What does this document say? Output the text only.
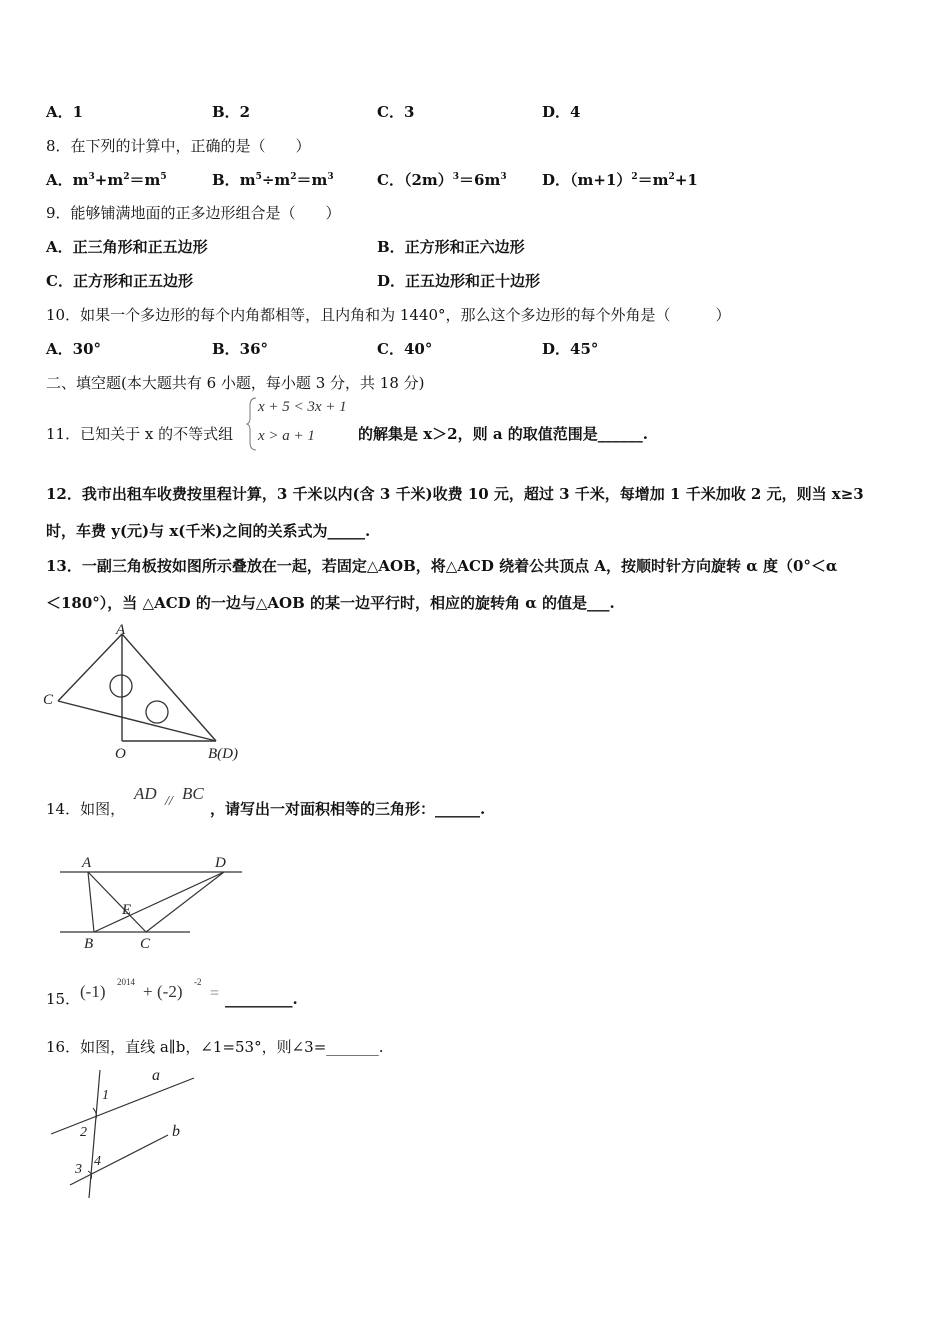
A．1	B．2	C．3	D．4
8．在下列的计算中，正确的是（　　）
A．$m^3+m^2=m^5$	B．$m^5\div m^2=m^3$	C．$(2m)^3=6m^3$ D．$(m+1)^2=m^2+1$
9．能够铺满地面的正多边形组合是（　　）
A．正三角形和正五边形	B．正方形和正六边形
C．正方形和正五边形	D．正五边形和正十边形
10．如果一个多边形的每个内角都相等，且内角和为 1440°，那么这个多边形的每个外角是（　　　）
A．30°	B．36°	C．40°	D．45°
二、填空题(本大题共有 6 小题，每小题 3 分，共 18 分)
11．已知关于 x 的不等式组
x + 5 < 3x + 1
x > a + 1	的解集是 x＞2，则 a 的取值范围是______.
12．我市出租车收费按里程计算，3 千米以内(含 3 千米)收费 10 元，超过 3 千米，每增加 1 千米加收 2 元，则当 x≥3
时，车费 y(元)与 x(千米)之间的关系式为_____.
13．一副三角板按如图所示叠放在一起，若固定△AOB，将△ACD 绕着公共顶点 A，按顺时针方向旋转 α 度（0°＜α
＜180°），当 △ACD 的一边与△AOB 的某一边平行时，相应的旋转角 α 的值是___.
A
C
O	B(D)
14．如图，
AD // BC
，请写出一对面积相等的三角形：______.
A	D
E
B	C
15． (-1) 2014 + (-2) -2
= _________.
16．如图，直线 a∥b，∠1=53°，则∠3=_______.
a
b
1
2
3
4
